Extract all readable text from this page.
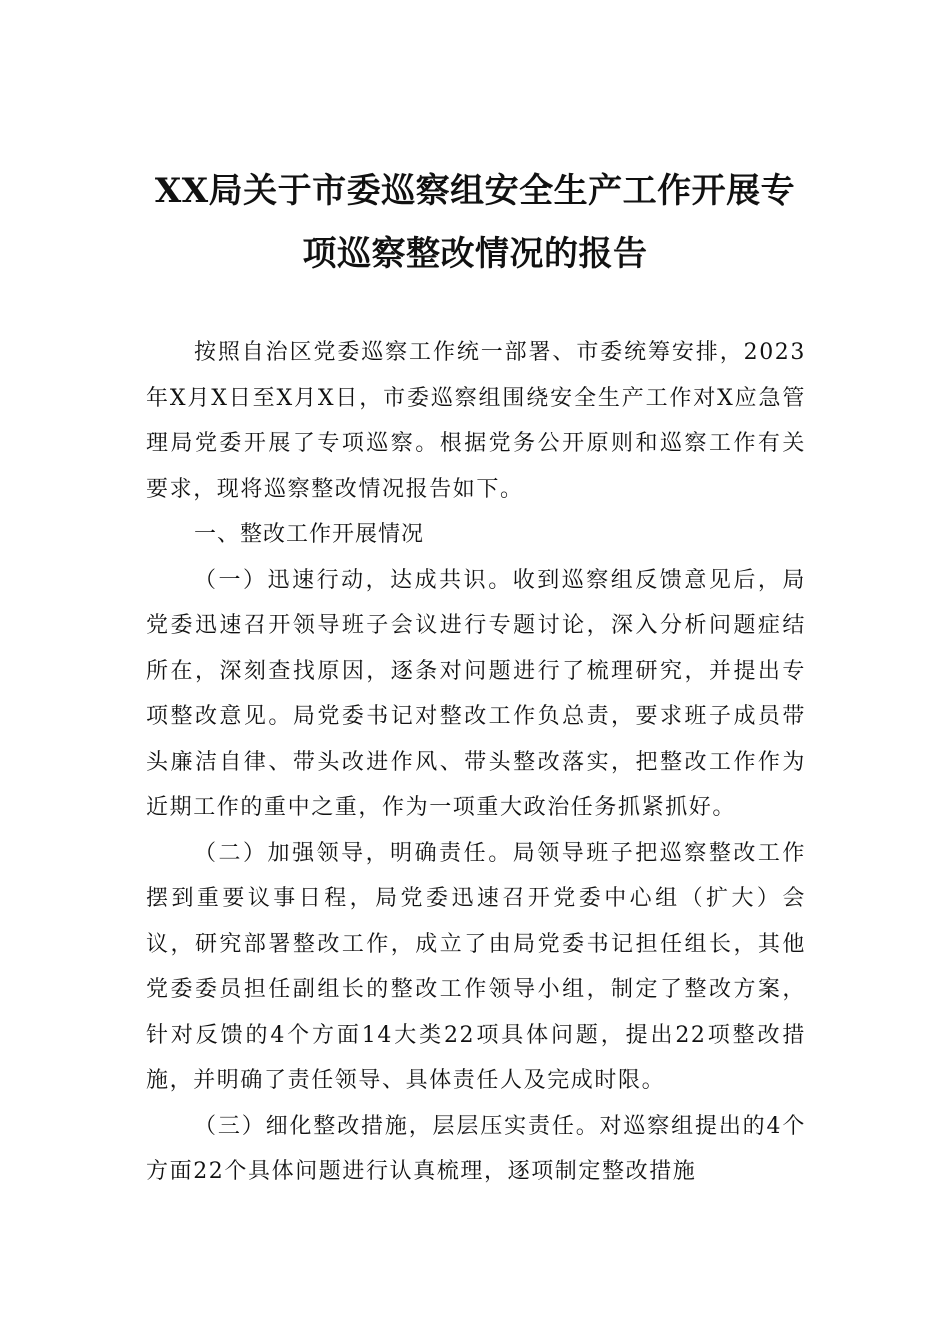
XX局关于市委巡察组安全生产工作开展专
项巡察整改情况的报告

按照自治区党委巡察工作统一部署、市委统筹安排，2023年X月X日至X月X日，市委巡察组围绕安全生产工作对X应急管理局党委开展了专项巡察。根据党务公开原则和巡察工作有关要求，现将巡察整改情况报告如下。

一、整改工作开展情况

（一）迅速行动，达成共识。收到巡察组反馈意见后，局党委迅速召开领导班子会议进行专题讨论，深入分析问题症结所在，深刻查找原因，逐条对问题进行了梳理研究，并提出专项整改意见。局党委书记对整改工作负总责，要求班子成员带头廉洁自律、带头改进作风、带头整改落实，把整改工作作为近期工作的重中之重，作为一项重大政治任务抓紧抓好。

（二）加强领导，明确责任。局领导班子把巡察整改工作摆到重要议事日程，局党委迅速召开党委中心组（扩大）会议，研究部署整改工作，成立了由局党委书记担任组长，其他党委委员担任副组长的整改工作领导小组，制定了整改方案，针对反馈的4个方面14大类22项具体问题，提出22项整改措施，并明确了责任领导、具体责任人及完成时限。

（三）细化整改措施，层层压实责任。对巡察组提出的4个方面22个具体问题进行认真梳理，逐项制定整改措施
